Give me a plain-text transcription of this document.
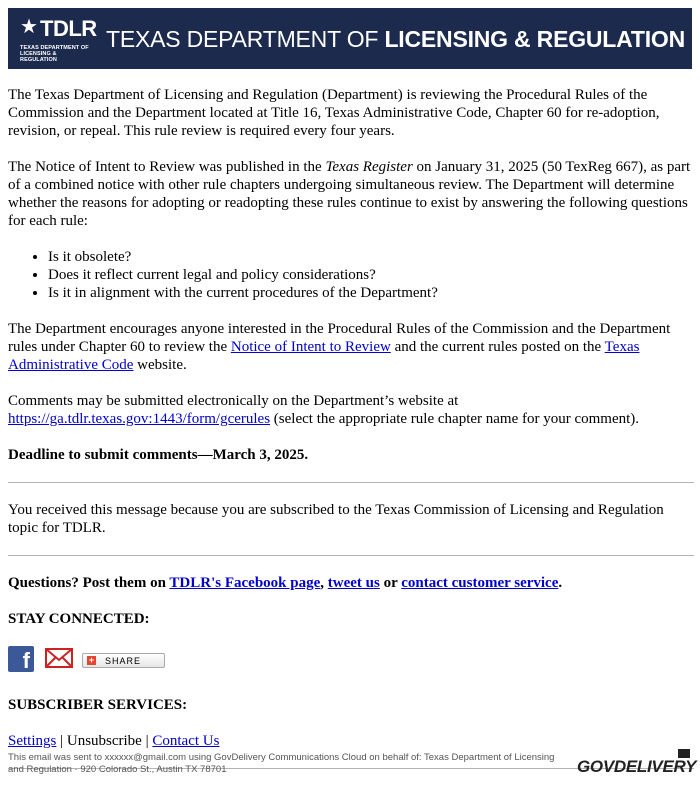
★ TDLR
TEXAS DEPARTMENT OF LICENSING & REGULATION
TEXAS DEPARTMENT OF LICENSING & REGULATION

The Texas Department of Licensing and Regulation (Department) is reviewing the Procedural Rules of the Commission and the Department located at Title 16, Texas Administrative Code, Chapter 60 for re-adoption, revision, or repeal. This rule review is required every four years.

The Notice of Intent to Review was published in the Texas Register on January 31, 2025 (50 TexReg 667), as part of a combined notice with other rule chapters undergoing simultaneous review. The Department will determine whether the reasons for adopting or readopting these rules continue to exist by answering the following questions for each rule:

• Is it obsolete?
• Does it reflect current legal and policy considerations?
• Is it in alignment with the current procedures of the Department?

The Department encourages anyone interested in the Procedural Rules of the Commission and the Department rules under Chapter 60 to review the Notice of Intent to Review and the current rules posted on the Texas Administrative Code website.

Comments may be submitted electronically on the Department’s website at https://ga.tdlr.texas.gov:1443/form/gcerules (select the appropriate rule chapter name for your comment).

Deadline to submit comments—March 3, 2025.

You received this message because you are subscribed to the Texas Commission of Licensing and Regulation topic for TDLR.

Questions? Post them on TDLR's Facebook page, tweet us or contact customer service.

STAY CONNECTED:

f	+ SHARE

SUBSCRIBER SERVICES:

Settings | Unsubscribe | Contact Us

This email was sent to xxxxxx@gmail.com using GovDelivery Communications Cloud on behalf of: Texas Department of Licensing and Regulation · 920 Colorado St., Austin TX 78701	GOVDELIVERY
